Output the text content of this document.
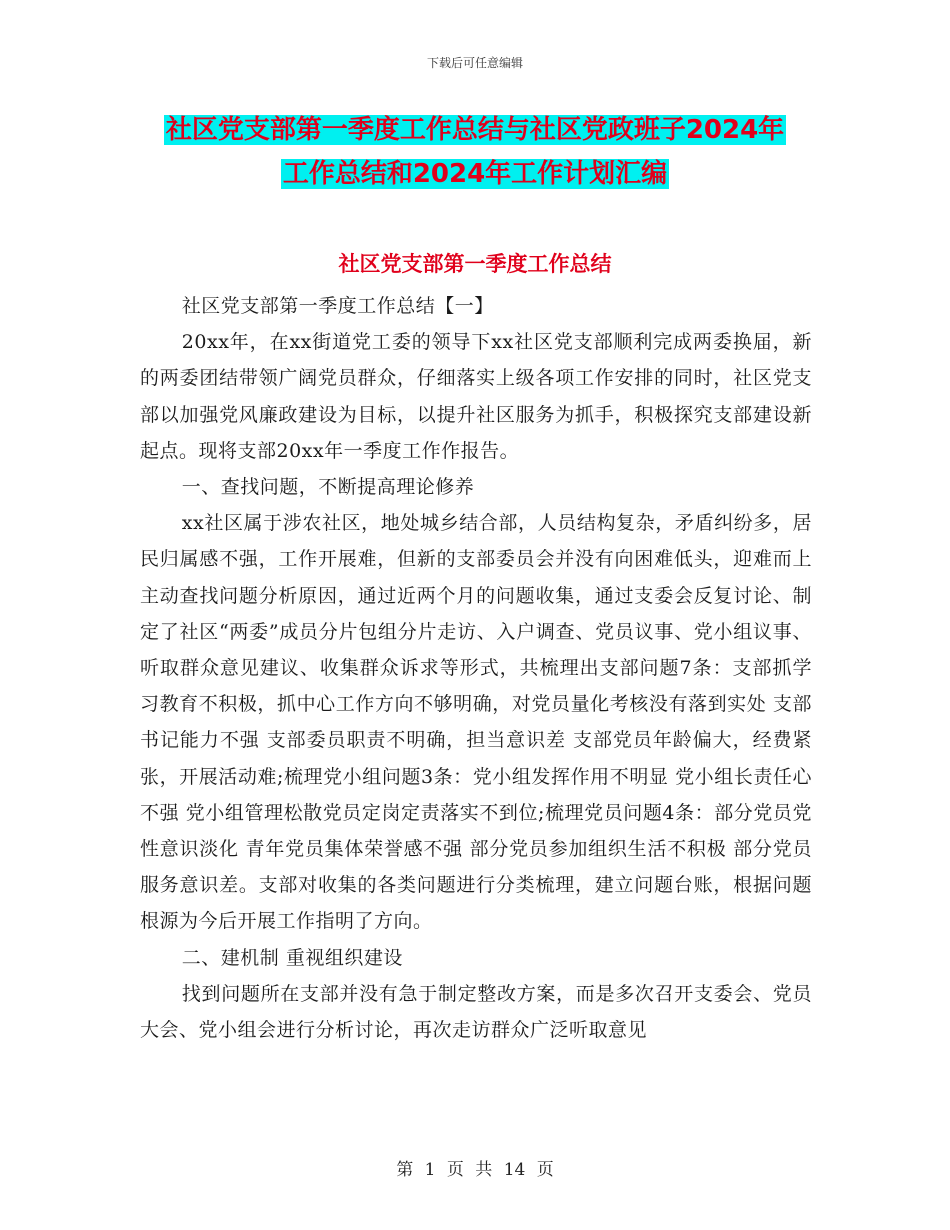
下载后可任意编辑
社区党支部第一季度工作总结与社区党政班子2024年
工作总结和2024年工作计划汇编
社区党支部第一季度工作总结

社区党支部第一季度工作总结【一】

20xx年，在xx街道党工委的领导下xx社区党支部顺利完成两委换届，新的两委团结带领广阔党员群众，仔细落实上级各项工作安排的同时，社区党支部以加强党风廉政建设为目标，以提升社区服务为抓手，积极探究支部建设新起点。现将支部20xx年一季度工作作报告。

一、查找问题，不断提高理论修养

xx社区属于涉农社区，地处城乡结合部，人员结构复杂，矛盾纠纷多，居民归属感不强，工作开展难，但新的支部委员会并没有向困难低头，迎难而上主动查找问题分析原因，通过近两个月的问题收集，通过支委会反复讨论、制定了社区“两委”成员分片包组分片走访、入户调查、党员议事、党小组议事、听取群众意见建议、收集群众诉求等形式，共梳理出支部问题7条：支部抓学习教育不积极，抓中心工作方向不够明确，对党员量化考核没有落到实处 支部书记能力不强 支部委员职责不明确，担当意识差 支部党员年龄偏大，经费紧张，开展活动难;梳理党小组问题3条：党小组发挥作用不明显 党小组长责任心不强 党小组管理松散党员定岗定责落实不到位;梳理党员问题4条：部分党员党性意识淡化 青年党员集体荣誉感不强 部分党员参加组织生活不积极 部分党员服务意识差。支部对收集的各类问题进行分类梳理，建立问题台账，根据问题根源为今后开展工作指明了方向。

二、建机制 重视组织建设

找到问题所在支部并没有急于制定整改方案，而是多次召开支委会、党员大会、党小组会进行分析讨论，再次走访群众广泛听取意见

第 1 页 共 14 页
